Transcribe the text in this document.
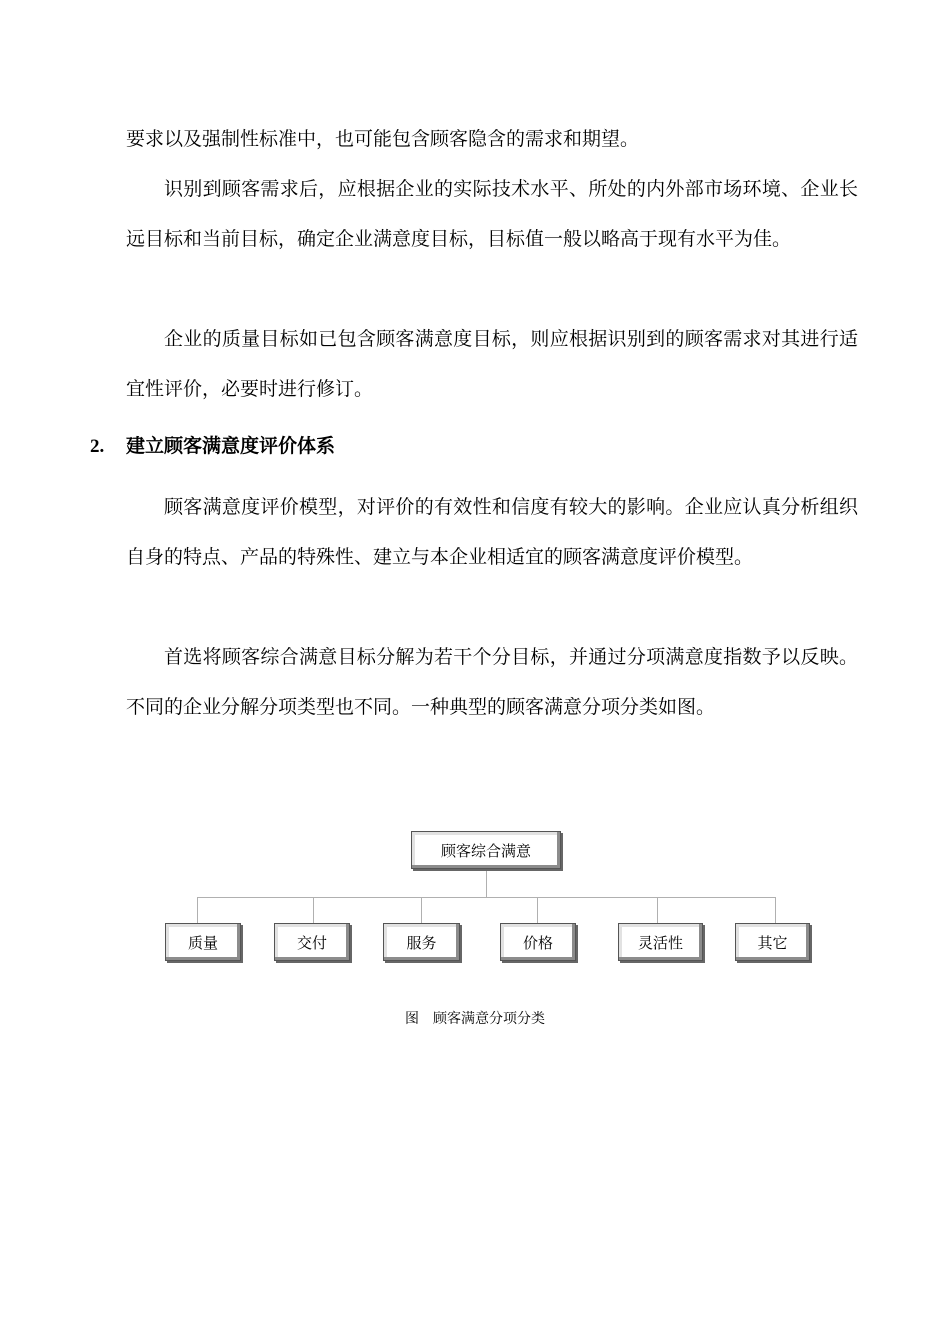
要求以及强制性标准中，也可能包含顾客隐含的需求和期望。

识别到顾客需求后，应根据企业的实际技术水平、所处的内外部市场环境、企业长远目标和当前目标，确定企业满意度目标，目标值一般以略高于现有水平为佳。

企业的质量目标如已包含顾客满意度目标，则应根据识别到的顾客需求对其进行适宜性评价，必要时进行修订。

2. 建立顾客满意度评价体系

顾客满意度评价模型，对评价的有效性和信度有较大的影响。企业应认真分析组织自身的特点、产品的特殊性、建立与本企业相适宜的顾客满意度评价模型。

首选将顾客综合满意目标分解为若干个分目标，并通过分项满意度指数予以反映。不同的企业分解分项类型也不同。一种典型的顾客满意分项分类如图。

顾客综合满意
质量	交付	服务	价格	灵活性	其它
图　顾客满意分项分类
